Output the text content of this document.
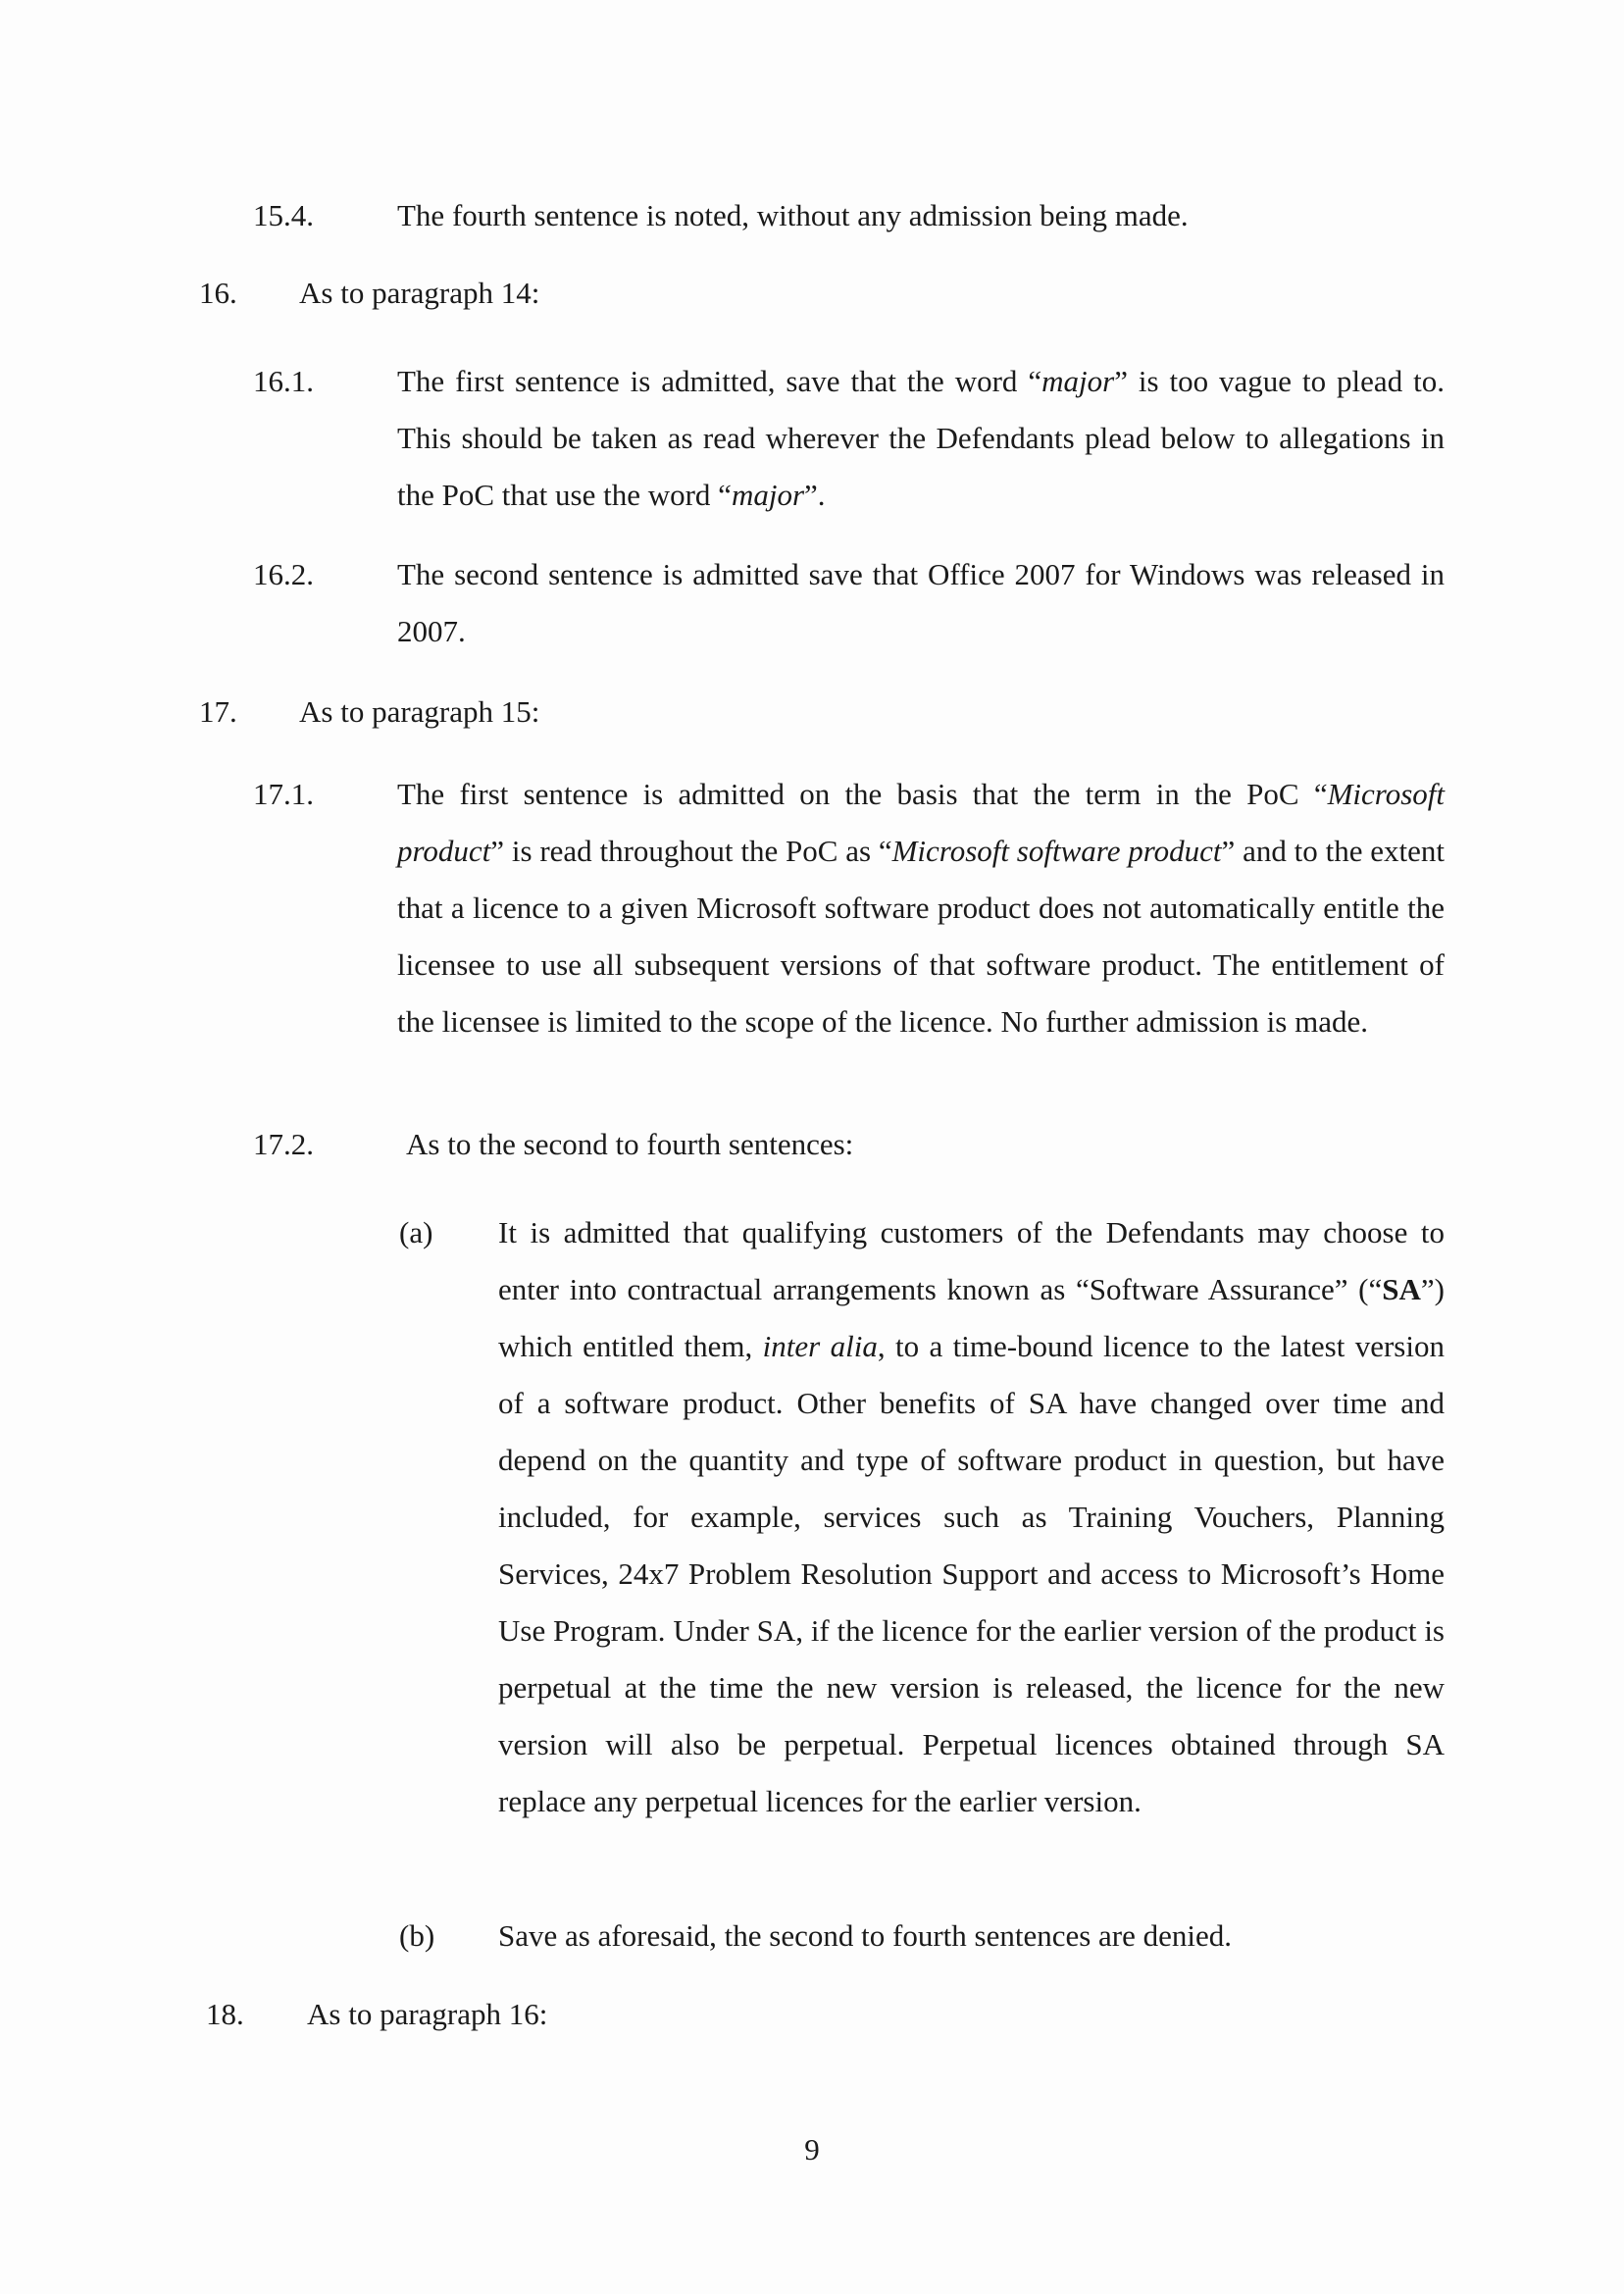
15.4.	The fourth sentence is noted, without any admission being made.
16. As to paragraph 14:
16.1.	The first sentence is admitted, save that the word “major” is too vague to plead to. This should be taken as read wherever the Defendants plead below to allegations in the PoC that use the word “major”.
16.2.	The second sentence is admitted save that Office 2007 for Windows was released in 2007.
17. As to paragraph 15:
17.1.	The first sentence is admitted on the basis that the term in the PoC “Microsoft product” is read throughout the PoC as “Microsoft software product” and to the extent that a licence to a given Microsoft software product does not automatically entitle the licensee to use all subsequent versions of that software product. The entitlement of the licensee is limited to the scope of the licence. No further admission is made.
17.2.	As to the second to fourth sentences:
(a) It is admitted that qualifying customers of the Defendants may choose to enter into contractual arrangements known as “Software Assurance” (“SA”) which entitled them, inter alia, to a time-bound licence to the latest version of a software product. Other benefits of SA have changed over time and depend on the quantity and type of software product in question, but have included, for example, services such as Training Vouchers, Planning Services, 24x7 Problem Resolution Support and access to Microsoft’s Home Use Program. Under SA, if the licence for the earlier version of the product is perpetual at the time the new version is released, the licence for the new version will also be perpetual. Perpetual licences obtained through SA replace any perpetual licences for the earlier version.
(b) Save as aforesaid, the second to fourth sentences are denied.
18. As to paragraph 16:
9
